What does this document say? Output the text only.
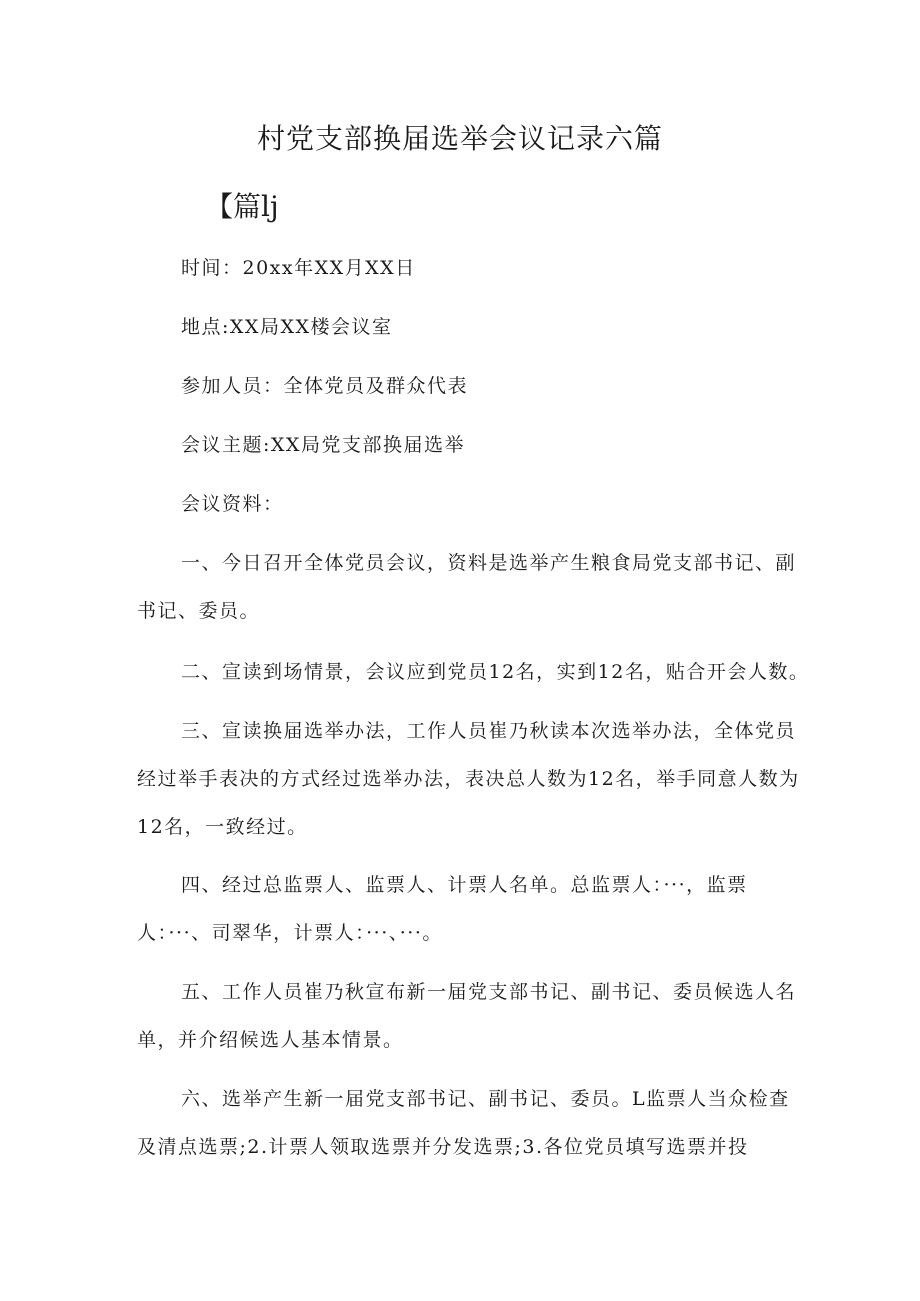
村党支部换届选举会议记录六篇
【篇lj
时间：20xx年XX月XX日
地点:XX局XX楼会议室
参加人员：全体党员及群众代表
会议主题:XX局党支部换届选举
会议资料：
一、今日召开全体党员会议，资料是选举产生粮食局党支部书记、副
书记、委员。
二、宣读到场情景，会议应到党员12名，实到12名，贴合开会人数。
三、宣读换届选举办法，工作人员崔乃秋读本次选举办法，全体党员
经过举手表决的方式经过选举办法，表决总人数为12名，举手同意人数为
12名，一致经过。
四、经过总监票人、监票人、计票人名单。总监票人：···，监票
人：···、司翠华，计票人：···、···。
五、工作人员崔乃秋宣布新一届党支部书记、副书记、委员候选人名
单，并介绍候选人基本情景。
六、选举产生新一届党支部书记、副书记、委员。L监票人当众检查
及清点选票;2.计票人领取选票并分发选票;3.各位党员填写选票并投
